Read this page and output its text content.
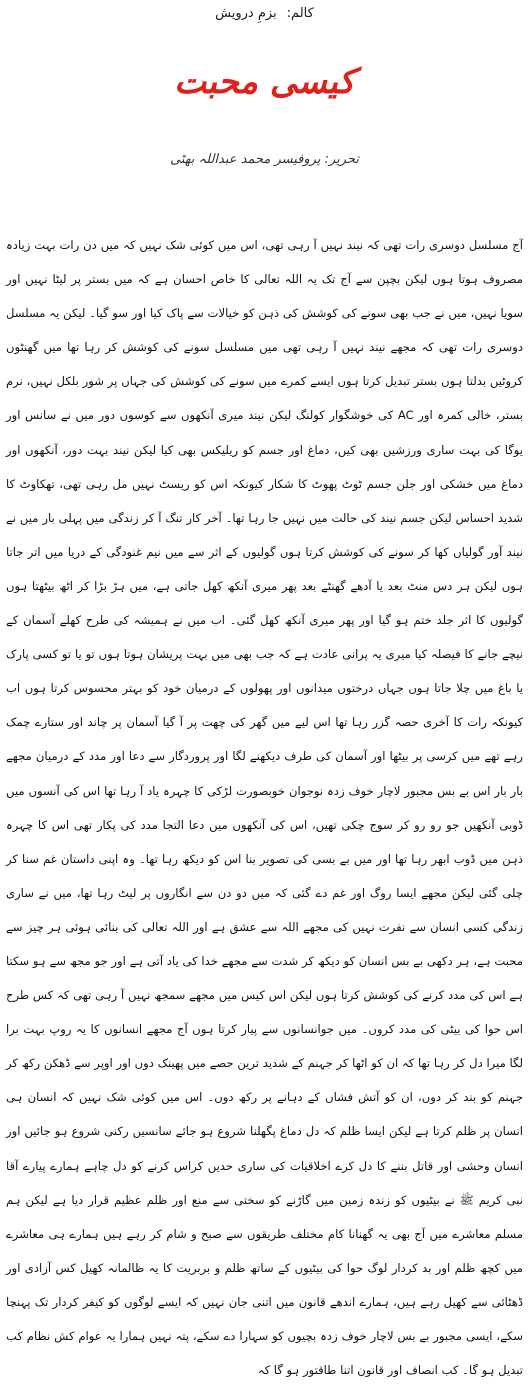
کالم:بزمِ درویش
کیسی محبت
تحریر: پروفیسر محمد عبداللہ بھٹی

آج مسلسل دوسری رات تھی کہ نیند نہیں آ رہی تھی، اس میں کوئی شک نہیں کہ میں دن رات بہت زیادہ مصروف ہوتا ہوں لیکن بچپن سے آج تک یہ اللہ تعالی کا خاص احسان ہے کہ میں بستر پر لیٹا نہیں اور سویا نہیں، میں نے جب بھی سونے کی کوشش کی ذہن کو خیالات سے پاک کیا اور سو گیا۔ لیکن یہ مسلسل دوسری رات تھی کہ مجھے نیند نہیں آ رہی تھی میں مسلسل سونے کی کوشش کر رہا تھا میں گھنٹوں کروٹیں بدلتا ہوں بستر تبدیل کرتا ہوں ایسے کمرے میں سونے کی کوشش کی جہاں پر شور بلکل نہیں، نرم بستر، خالی کمرہ اور AC کی خوشگوار کولنگ لیکن نیند میری آنکھوں سے کوسوں دور میں نے سانس اور یوگا کی بہت ساری ورزشیں بھی کیں، دماغ اور جسم کو ریلیکس بھی کیا لیکن نیند بہت دور، آنکھوں اور دماغ میں خشکی اور جلن جسم ٹوٹ پھوٹ کا شکار کیونکہ اس کو ریسٹ نہیں مل رہی تھی، تھکاوٹ کا شدید احساس لیکن جسم نیند کی حالت میں نہیں جا رہا تھا۔ آخر کار تنگ آ کر زندگی میں پہلی بار میں نے نیند آور گولیاں کھا کر سونے کی کوشش کرتا ہوں گولیوں کے اثر سے میں نیم غنودگی کے دریا میں اتر جاتا ہوں لیکن ہر دس منٹ بعد یا آدھے گھنٹے بعد پھر میری آنکھ کھل جاتی ہے، میں ہڑ بڑا کر اٹھ بیٹھتا ہوں گولیوں کا اثر جلد ختم ہو گیا اور پھر میری آنکھ کھل گئی۔ اب میں نے ہمیشہ کی طرح کھلے آسمان کے نیچے جانے کا فیصلہ کیا میری یہ پرانی عادت ہے کہ جب بھی میں بہت پریشان ہوتا ہوں تو یا تو کسی پارک یا باغ میں چلا جاتا ہوں جہاں درختوں میدانوں اور پھولوں کے درمیان خود کو بہتر محسوس کرتا ہوں اب کیونکہ رات کا آخری حصہ گزر رہا تھا اس لیے میں گھر کی چھت پر آ گیا آسمان پر چاند اور ستارے چمک رہے تھے میں کرسی پر بیٹھا اور آسمان کی طرف دیکھنے لگا اور پروردگار سے دعا اور مدد کے درمیان مجھے بار بار اس بے بس مجبور لاچار خوف زدہ نوجوان خوبصورت لڑکی کا چہرہ یاد آ رہا تھا اس کی آنسوں میں ڈوبی آنکھیں جو رو رو کر سوج چکی تھیں، اس کی آنکھوں میں دعا التجا مدد کی پکار تھی اس کا چہرہ ذہن میں ڈوب ابھر رہا تھا اور میں بے بسی کی تصویر بنا اس کو دیکھ رہا تھا۔ وہ اپنی داستان غم سنا کر چلی گئی لیکن مجھے ایسا روگ اور غم دے گئی کہ میں دو دن سے انگاروں پر لیٹ رہا تھا، میں نے ساری زندگی کسی انسان سے نفرت نہیں کی مجھے اللہ سے عشق ہے اور اللہ تعالی کی بنائی ہوئی ہر چیز سے محبت ہے، ہر دکھی بے بس انسان کو دیکھ کر شدت سے مجھے خدا کی یاد آتی ہے اور جو مجھ سے ہو سکتا ہے اس کی مدد کرنے کی کوشش کرتا ہوں لیکن اس کیس میں مجھے سمجھ نہیں آ رہی تھی کہ کس طرح اس حوا کی بیٹی کی مدد کروں۔ میں جوانسانوں سے پیار کرتا ہوں آج مجھے انسانوں کا یہ روپ بہت برا لگا میرا دل کر رہا تھا کہ ان کو اٹھا کر جہنم کے شدید ترین حصے میں پھینک دوں اور اوپر سے ڈھکن رکھ کر جہنم کو بند کر دوں، ان کو آتش فشاں کے دہانے پر رکھ دوں۔ اس میں کوئی شک نہیں کہ انسان ہی انسان پر ظلم کرتا ہے لیکن ایسا ظلم کہ دل دماغ پگھلنا شروع ہو جائے سانسیں رکنی شروع ہو جائیں اور انسان وحشی اور قاتل بننے کا دل کرے اخلاقیات کی ساری حدیں کراس کرنے کو دل چاہے ہمارے پیارے آقا نبی کریم ﷺ نے بیٹیوں کو زندہ زمین میں گاڑنے کو سختی سے منع اور ظلم عظیم قرار دیا ہے لیکن ہم مسلم معاشرے میں آج بھی یہ گھنانا کام مختلف طریقوں سے صبح و شام کر رہے ہیں ہمارے ہی معاشرے میں کچھ ظلم اور بد کردار لوگ حوا کی بیٹیوں کے ساتھ ظلم و بربریت کا یہ ظالمانہ کھیل کس آزادی اور ڈھٹائی سے کھیل رہے ہیں، ہمارے اندھے قانون میں اتنی جان نہیں کہ ایسے لوگوں کو کیفر کردار تک پہنچا سکے، ایسی مجبور بے بس لاچار خوف زدہ بچیوں کو سہارا دے سکے، پتہ نہیں ہمارا یہ عوام کش نظام کب تبدیل ہو گا۔ کب انصاف اور قانون اتنا طاقتور ہو گا کہ
